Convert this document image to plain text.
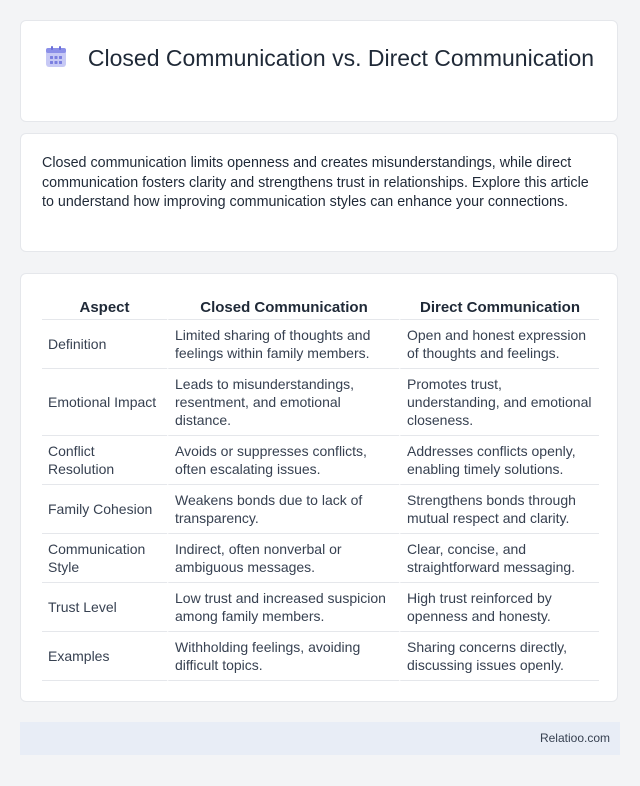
Closed Communication vs. Direct Communication

Closed communication limits openness and creates misunderstandings, while direct communication fosters clarity and strengthens trust in relationships. Explore this article to understand how improving communication styles can enhance your connections.

Aspect	Closed Communication	Direct Communication
Definition	Limited sharing of thoughts and feelings within family members.	Open and honest expression of thoughts and feelings.
Emotional Impact	Leads to misunderstandings, resentment, and emotional distance.	Promotes trust, understanding, and emotional closeness.
Conflict Resolution	Avoids or suppresses conflicts, often escalating issues.	Addresses conflicts openly, enabling timely solutions.
Family Cohesion	Weakens bonds due to lack of transparency.	Strengthens bonds through mutual respect and clarity.
Communication Style	Indirect, often nonverbal or ambiguous messages.	Clear, concise, and straightforward messaging.
Trust Level	Low trust and increased suspicion among family members.	High trust reinforced by openness and honesty.
Examples	Withholding feelings, avoiding difficult topics.	Sharing concerns directly, discussing issues openly.
Relatioo.com
